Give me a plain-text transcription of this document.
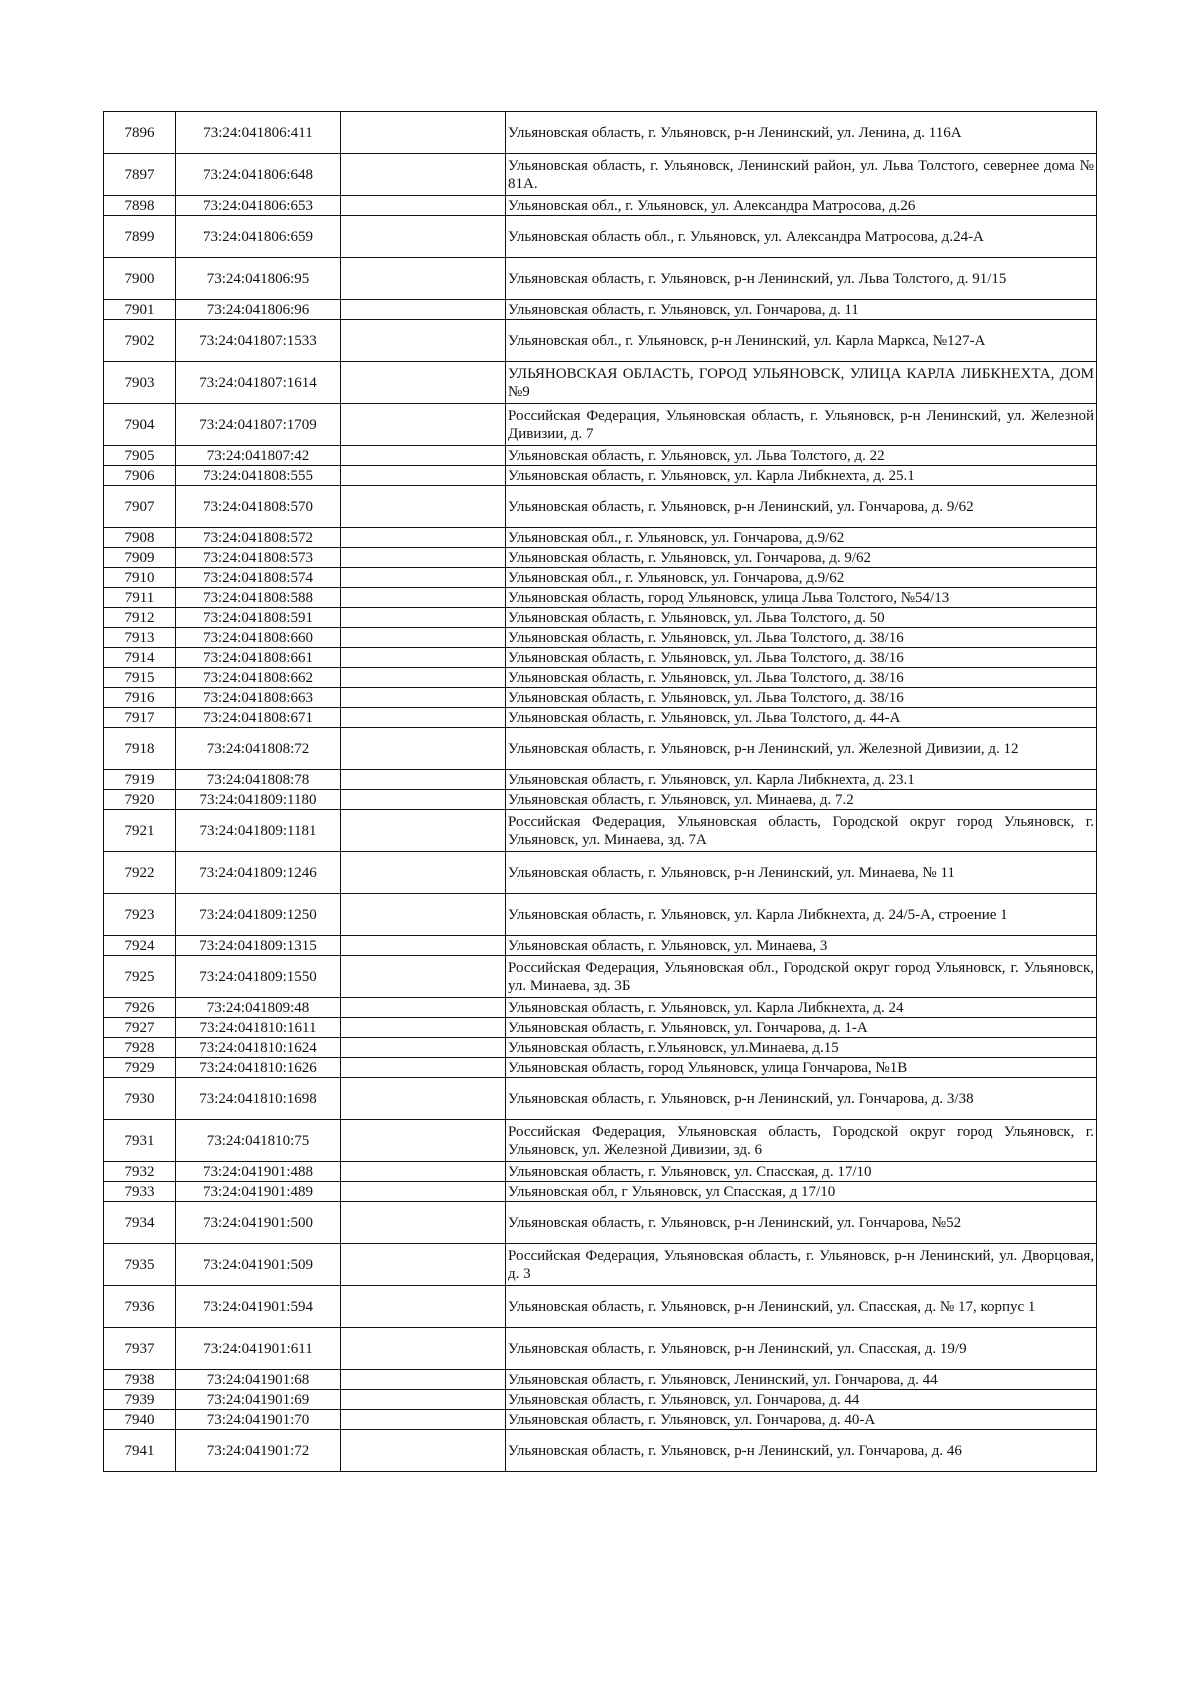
7896	73:24:041806:411		Ульяновская область, г. Ульяновск, р-н Ленинский, ул. Ленина, д. 116А
7897	73:24:041806:648		Ульяновская область, г. Ульяновск, Ленинский район, ул. Льва Толстого, севернее дома № 81А.
7898	73:24:041806:653		Ульяновская обл., г. Ульяновск, ул. Александра Матросова, д.26
7899	73:24:041806:659		Ульяновская область обл., г. Ульяновск, ул. Александра Матросова, д.24-А
7900	73:24:041806:95		Ульяновская область, г. Ульяновск, р-н Ленинский, ул. Льва Толстого, д. 91/15
7901	73:24:041806:96		Ульяновская область, г. Ульяновск, ул. Гончарова, д. 11
7902	73:24:041807:1533		Ульяновская обл., г. Ульяновск, р-н Ленинский, ул. Карла Маркса, №127-А
7903	73:24:041807:1614		УЛЬЯНОВСКАЯ ОБЛАСТЬ, ГОРОД УЛЬЯНОВСК, УЛИЦА КАРЛА ЛИБКНЕХТА, ДОМ №9
7904	73:24:041807:1709		Российская Федерация, Ульяновская область, г. Ульяновск, р-н Ленинский, ул. Железной Дивизии, д. 7
7905	73:24:041807:42		Ульяновская область, г. Ульяновск, ул. Льва Толстого, д. 22
7906	73:24:041808:555		Ульяновская область, г. Ульяновск, ул. Карла Либкнехта, д. 25.1
7907	73:24:041808:570		Ульяновская область, г. Ульяновск, р-н Ленинский, ул. Гончарова, д. 9/62
7908	73:24:041808:572		Ульяновская обл., г. Ульяновск, ул. Гончарова, д.9/62
7909	73:24:041808:573		Ульяновская область, г. Ульяновск, ул. Гончарова, д. 9/62
7910	73:24:041808:574		Ульяновская обл., г. Ульяновск, ул. Гончарова, д.9/62
7911	73:24:041808:588		Ульяновская область, город Ульяновск, улица Льва Толстого, №54/13
7912	73:24:041808:591		Ульяновская область, г. Ульяновск, ул. Льва Толстого, д. 50
7913	73:24:041808:660		Ульяновская область, г. Ульяновск, ул. Льва Толстого, д. 38/16
7914	73:24:041808:661		Ульяновская область, г. Ульяновск, ул. Льва Толстого, д. 38/16
7915	73:24:041808:662		Ульяновская область, г. Ульяновск, ул. Льва Толстого, д. 38/16
7916	73:24:041808:663		Ульяновская область, г. Ульяновск, ул. Льва Толстого, д. 38/16
7917	73:24:041808:671		Ульяновская область, г. Ульяновск, ул. Льва Толстого, д. 44-А
7918	73:24:041808:72		Ульяновская область, г. Ульяновск, р-н Ленинский, ул. Железной Дивизии, д. 12
7919	73:24:041808:78		Ульяновская область, г. Ульяновск, ул. Карла Либкнехта, д. 23.1
7920	73:24:041809:1180		Ульяновская область, г. Ульяновск, ул. Минаева, д. 7.2
7921	73:24:041809:1181		Российская Федерация, Ульяновская область, Городской округ город Ульяновск, г. Ульяновск, ул. Минаева, зд. 7А
7922	73:24:041809:1246		Ульяновская область, г. Ульяновск, р-н Ленинский, ул. Минаева, № 11
7923	73:24:041809:1250		Ульяновская область, г. Ульяновск, ул. Карла Либкнехта, д. 24/5-А, строение 1
7924	73:24:041809:1315		Ульяновская область, г. Ульяновск, ул. Минаева, 3
7925	73:24:041809:1550		Российская Федерация, Ульяновская обл., Городской округ город Ульяновск, г. Ульяновск, ул. Минаева, зд. 3Б
7926	73:24:041809:48		Ульяновская область, г. Ульяновск, ул. Карла Либкнехта, д. 24
7927	73:24:041810:1611		Ульяновская область, г. Ульяновск, ул. Гончарова, д. 1-А
7928	73:24:041810:1624		Ульяновская область, г.Ульяновск, ул.Минаева, д.15
7929	73:24:041810:1626		Ульяновская область, город Ульяновск, улица Гончарова, №1В
7930	73:24:041810:1698		Ульяновская область, г. Ульяновск, р-н Ленинский, ул. Гончарова, д. 3/38
7931	73:24:041810:75		Российская Федерация, Ульяновская область, Городской округ город Ульяновск, г. Ульяновск, ул. Железной Дивизии, зд. 6
7932	73:24:041901:488		Ульяновская область, г. Ульяновск, ул. Спасская, д. 17/10
7933	73:24:041901:489		Ульяновская обл, г Ульяновск, ул Спасская, д 17/10
7934	73:24:041901:500		Ульяновская область, г. Ульяновск, р-н Ленинский, ул. Гончарова, №52
7935	73:24:041901:509		Российская Федерация, Ульяновская область, г. Ульяновск, р-н Ленинский, ул. Дворцовая, д. 3
7936	73:24:041901:594		Ульяновская область, г. Ульяновск, р-н Ленинский, ул. Спасская, д. № 17, корпус 1
7937	73:24:041901:611		Ульяновская область, г. Ульяновск, р-н Ленинский, ул. Спасская, д. 19/9
7938	73:24:041901:68		Ульяновская область, г. Ульяновск, Ленинский, ул. Гончарова, д. 44
7939	73:24:041901:69		Ульяновская область, г. Ульяновск, ул. Гончарова, д. 44
7940	73:24:041901:70		Ульяновская область, г. Ульяновск, ул. Гончарова, д. 40-А
7941	73:24:041901:72		Ульяновская область, г. Ульяновск, р-н Ленинский, ул. Гончарова, д. 46
